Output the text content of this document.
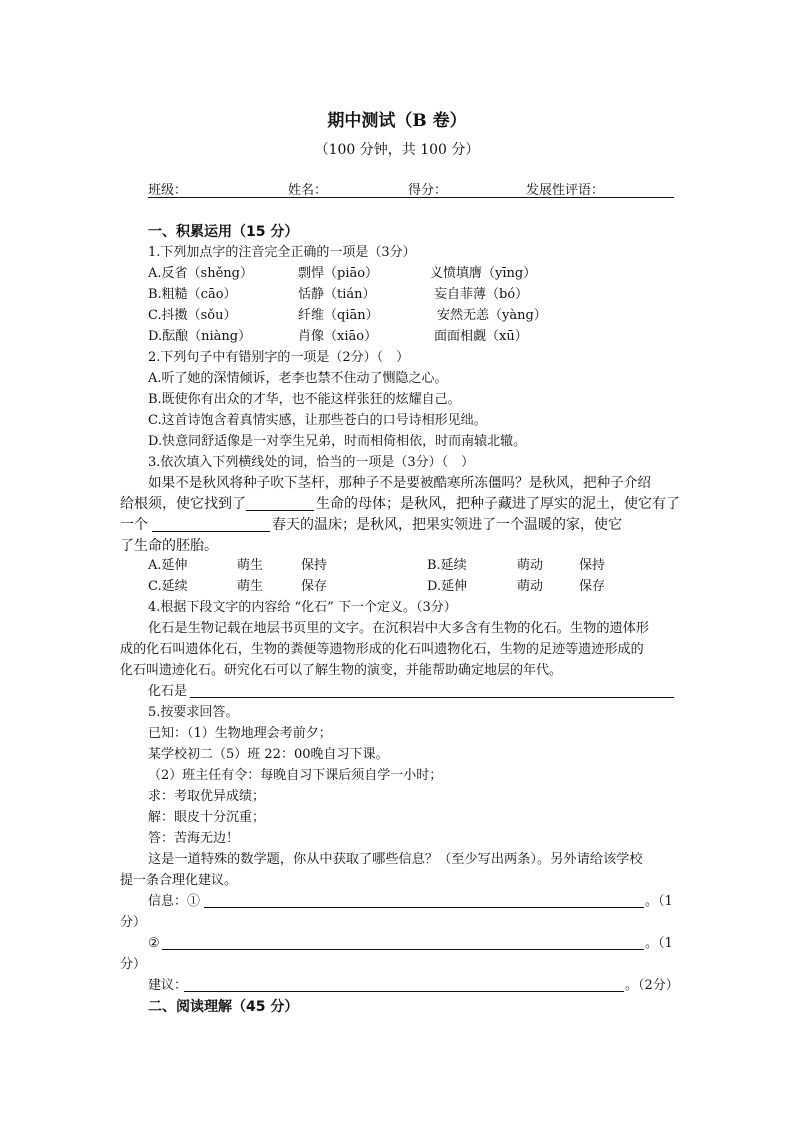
期中测试（B 卷）
（100 分钟，共 100 分）
班级：	姓名：	得分：	发展性评语：
一、积累运用（15 分）
1.下列加点字的注音完全正确的一项是（3分）
A.反省（shěng）	剽悍（piāo）	义愤填膺（yīng）
B.粗糙（cāo）	恬静（tián）	妄自菲薄（bó）
C.抖擞（sǒu）	纤维（qiān）	安然无恙（yàng）
D.酝酿（niàng）	肖像（xiāo）	面面相觑（xū）
2.下列句子中有错别字的一项是（2分）（　）
A.听了她的深情倾诉，老李也禁不住动了恻隐之心。
B.既使你有出众的才华，也不能这样张狂的炫耀自己。
C.这首诗饱含着真情实感，让那些苍白的口号诗相形见绌。
D.快意同舒适像是一对孪生兄弟，时而相倚相依，时而南辕北辙。
3.依次填入下列横线处的词，恰当的一项是（3分）（　）
如果不是秋风将种子吹下茎杆，那种子不是要被酷寒所冻僵吗？是秋风，把种子介绍
给根须，使它找到了	生命的母体；是秋风，把种子藏进了厚实的泥土，使它有了
一个	春天的温床；是秋风，把果实领进了一个温暖的家，使它
了生命的胚胎。
A.延伸	萌生	保持	B.延续	萌动	保持
C.延续	萌生	保存	D.延伸	萌动	保存
4.根据下段文字的内容给 “化石” 下一个定义。（3分）
化石是生物记载在地层书页里的文字。在沉积岩中大多含有生物的化石。生物的遗体形
成的化石叫遗体化石，生物的粪便等遗物形成的化石叫遗物化石，生物的足迹等遗迹形成的
化石叫遗迹化石。研究化石可以了解生物的演变，并能帮助确定地层的年代。
化石是
5.按要求回答。
已知：（1）生物地理会考前夕；
某学校初二（5）班 22：00晚自习下课。
（2）班主任有令：每晚自习下课后须自学一小时；
求：考取优异成绩；
解：眼皮十分沉重；
答：苦海无边！
这是一道特殊的数学题，你从中获取了哪些信息？（至少写出两条）。另外请给该学校
提一条合理化建议。
信息：①	。（1
分）
②	。（1
分）
建议：	。（2分）
二、阅读理解（45 分）
